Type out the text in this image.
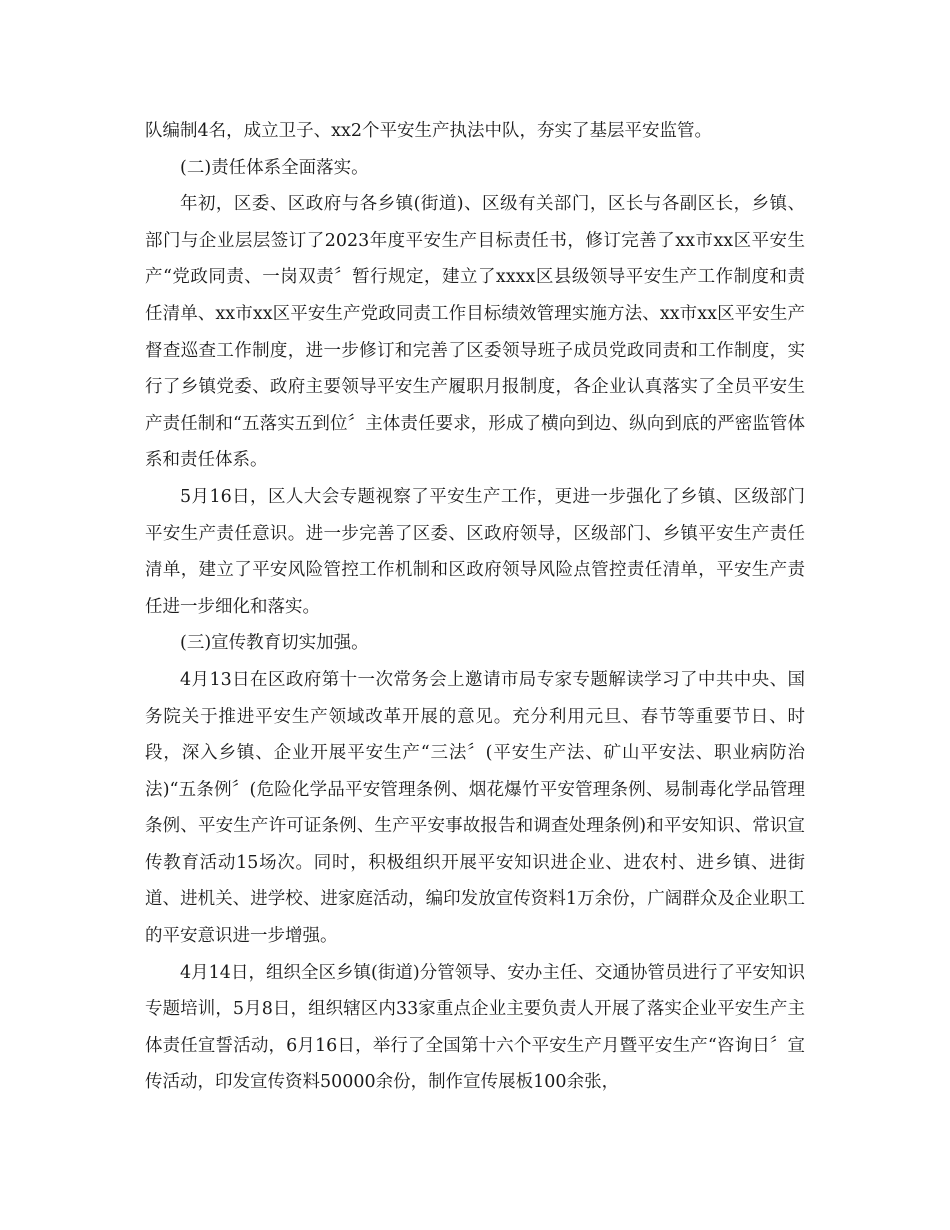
队编制4名，成立卫子、xx2个平安生产执法中队，夯实了基层平安监管。

(二)责任体系全面落实。

年初，区委、区政府与各乡镇(街道)、区级有关部门，区长与各副区长，乡镇、部门与企业层层签订了2023年度平安生产目标责任书，修订完善了xx市xx区平安生产“党政同责、一岗双责〞暂行规定，建立了xxxx区县级领导平安生产工作制度和责任清单、xx市xx区平安生产党政同责工作目标绩效管理实施方法、xx市xx区平安生产督查巡查工作制度，进一步修订和完善了区委领导班子成员党政同责和工作制度，实行了乡镇党委、政府主要领导平安生产履职月报制度，各企业认真落实了全员平安生产责任制和“五落实五到位〞主体责任要求，形成了横向到边、纵向到底的严密监管体系和责任体系。

5月16日，区人大会专题视察了平安生产工作，更进一步强化了乡镇、区级部门平安生产责任意识。进一步完善了区委、区政府领导，区级部门、乡镇平安生产责任清单，建立了平安风险管控工作机制和区政府领导风险点管控责任清单，平安生产责任进一步细化和落实。

(三)宣传教育切实加强。

4月13日在区政府第十一次常务会上邀请市局专家专题解读学习了中共中央、国务院关于推进平安生产领域改革开展的意见。充分利用元旦、春节等重要节日、时段，深入乡镇、企业开展平安生产“三法〞(平安生产法、矿山平安法、职业病防治法)“五条例〞(危险化学品平安管理条例、烟花爆竹平安管理条例、易制毒化学品管理条例、平安生产许可证条例、生产平安事故报告和调查处理条例)和平安知识、常识宣传教育活动15场次。同时，积极组织开展平安知识进企业、进农村、进乡镇、进街道、进机关、进学校、进家庭活动，编印发放宣传资料1万余份，广阔群众及企业职工的平安意识进一步增强。

4月14日，组织全区乡镇(街道)分管领导、安办主任、交通协管员进行了平安知识专题培训，5月8日，组织辖区内33家重点企业主要负责人开展了落实企业平安生产主体责任宣誓活动，6月16日，举行了全国第十六个平安生产月暨平安生产“咨询日〞宣传活动，印发宣传资料50000余份，制作宣传展板100余张，
